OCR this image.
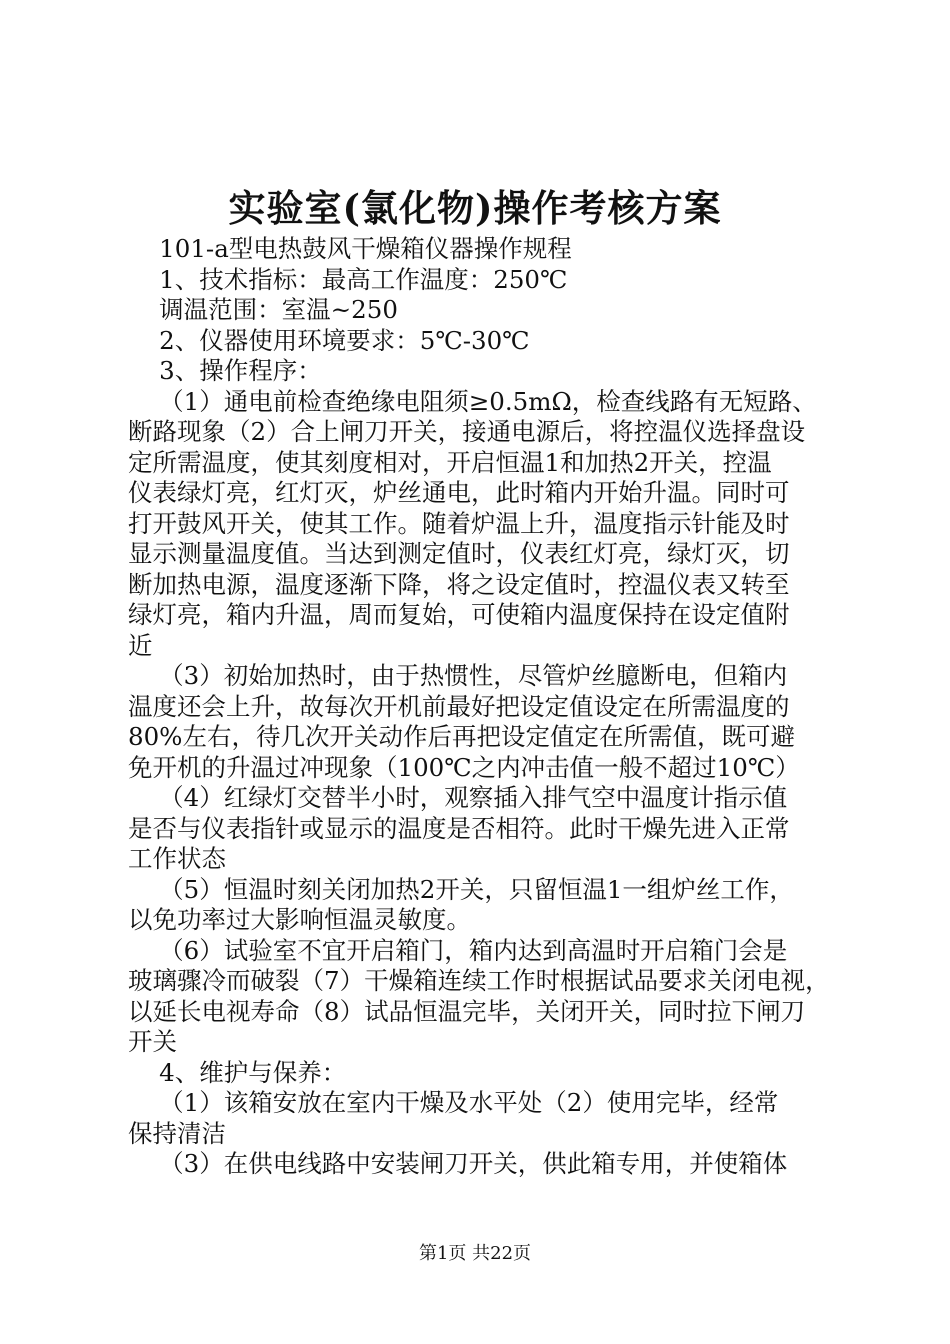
实验室(氯化物)操作考核方案

101-a型电热鼓风干燥箱仪器操作规程

1、技术指标：最高工作温度：250℃

调温范围：室温~250

2、仪器使用环境要求：5℃-30℃

3、操作程序：

（1）通电前检查绝缘电阻须≥0.5mΩ，检查线路有无短路、

断路现象（2）合上闸刀开关，接通电源后，将控温仪选择盘设

定所需温度，使其刻度相对，开启恒温1和加热2开关，控温

仪表绿灯亮，红灯灭，炉丝通电，此时箱内开始升温。同时可

打开鼓风开关，使其工作。随着炉温上升，温度指示针能及时

显示测量温度值。当达到测定值时，仪表红灯亮，绿灯灭，切

断加热电源，温度逐渐下降，将之设定值时，控温仪表又转至

绿灯亮，箱内升温，周而复始，可使箱内温度保持在设定值附

近

（3）初始加热时，由于热惯性，尽管炉丝臆断电，但箱内

温度还会上升，故每次开机前最好把设定值设定在所需温度的

80%左右，待几次开关动作后再把设定值定在所需值，既可避

免开机的升温过冲现象（100℃之内冲击值一般不超过10℃）

（4）红绿灯交替半小时，观察插入排气空中温度计指示值

是否与仪表指针或显示的温度是否相符。此时干燥先进入正常

工作状态

（5）恒温时刻关闭加热2开关，只留恒温1一组炉丝工作，

以免功率过大影响恒温灵敏度。

（6）试验室不宜开启箱门，箱内达到高温时开启箱门会是

玻璃骤冷而破裂（7）干燥箱连续工作时根据试品要求关闭电视，

以延长电视寿命（8）试品恒温完毕，关闭开关，同时拉下闸刀

开关

4、维护与保养：

（1）该箱安放在室内干燥及水平处（2）使用完毕，经常

保持清洁

（3）在供电线路中安装闸刀开关，供此箱专用，并使箱体

第1页 共22页
